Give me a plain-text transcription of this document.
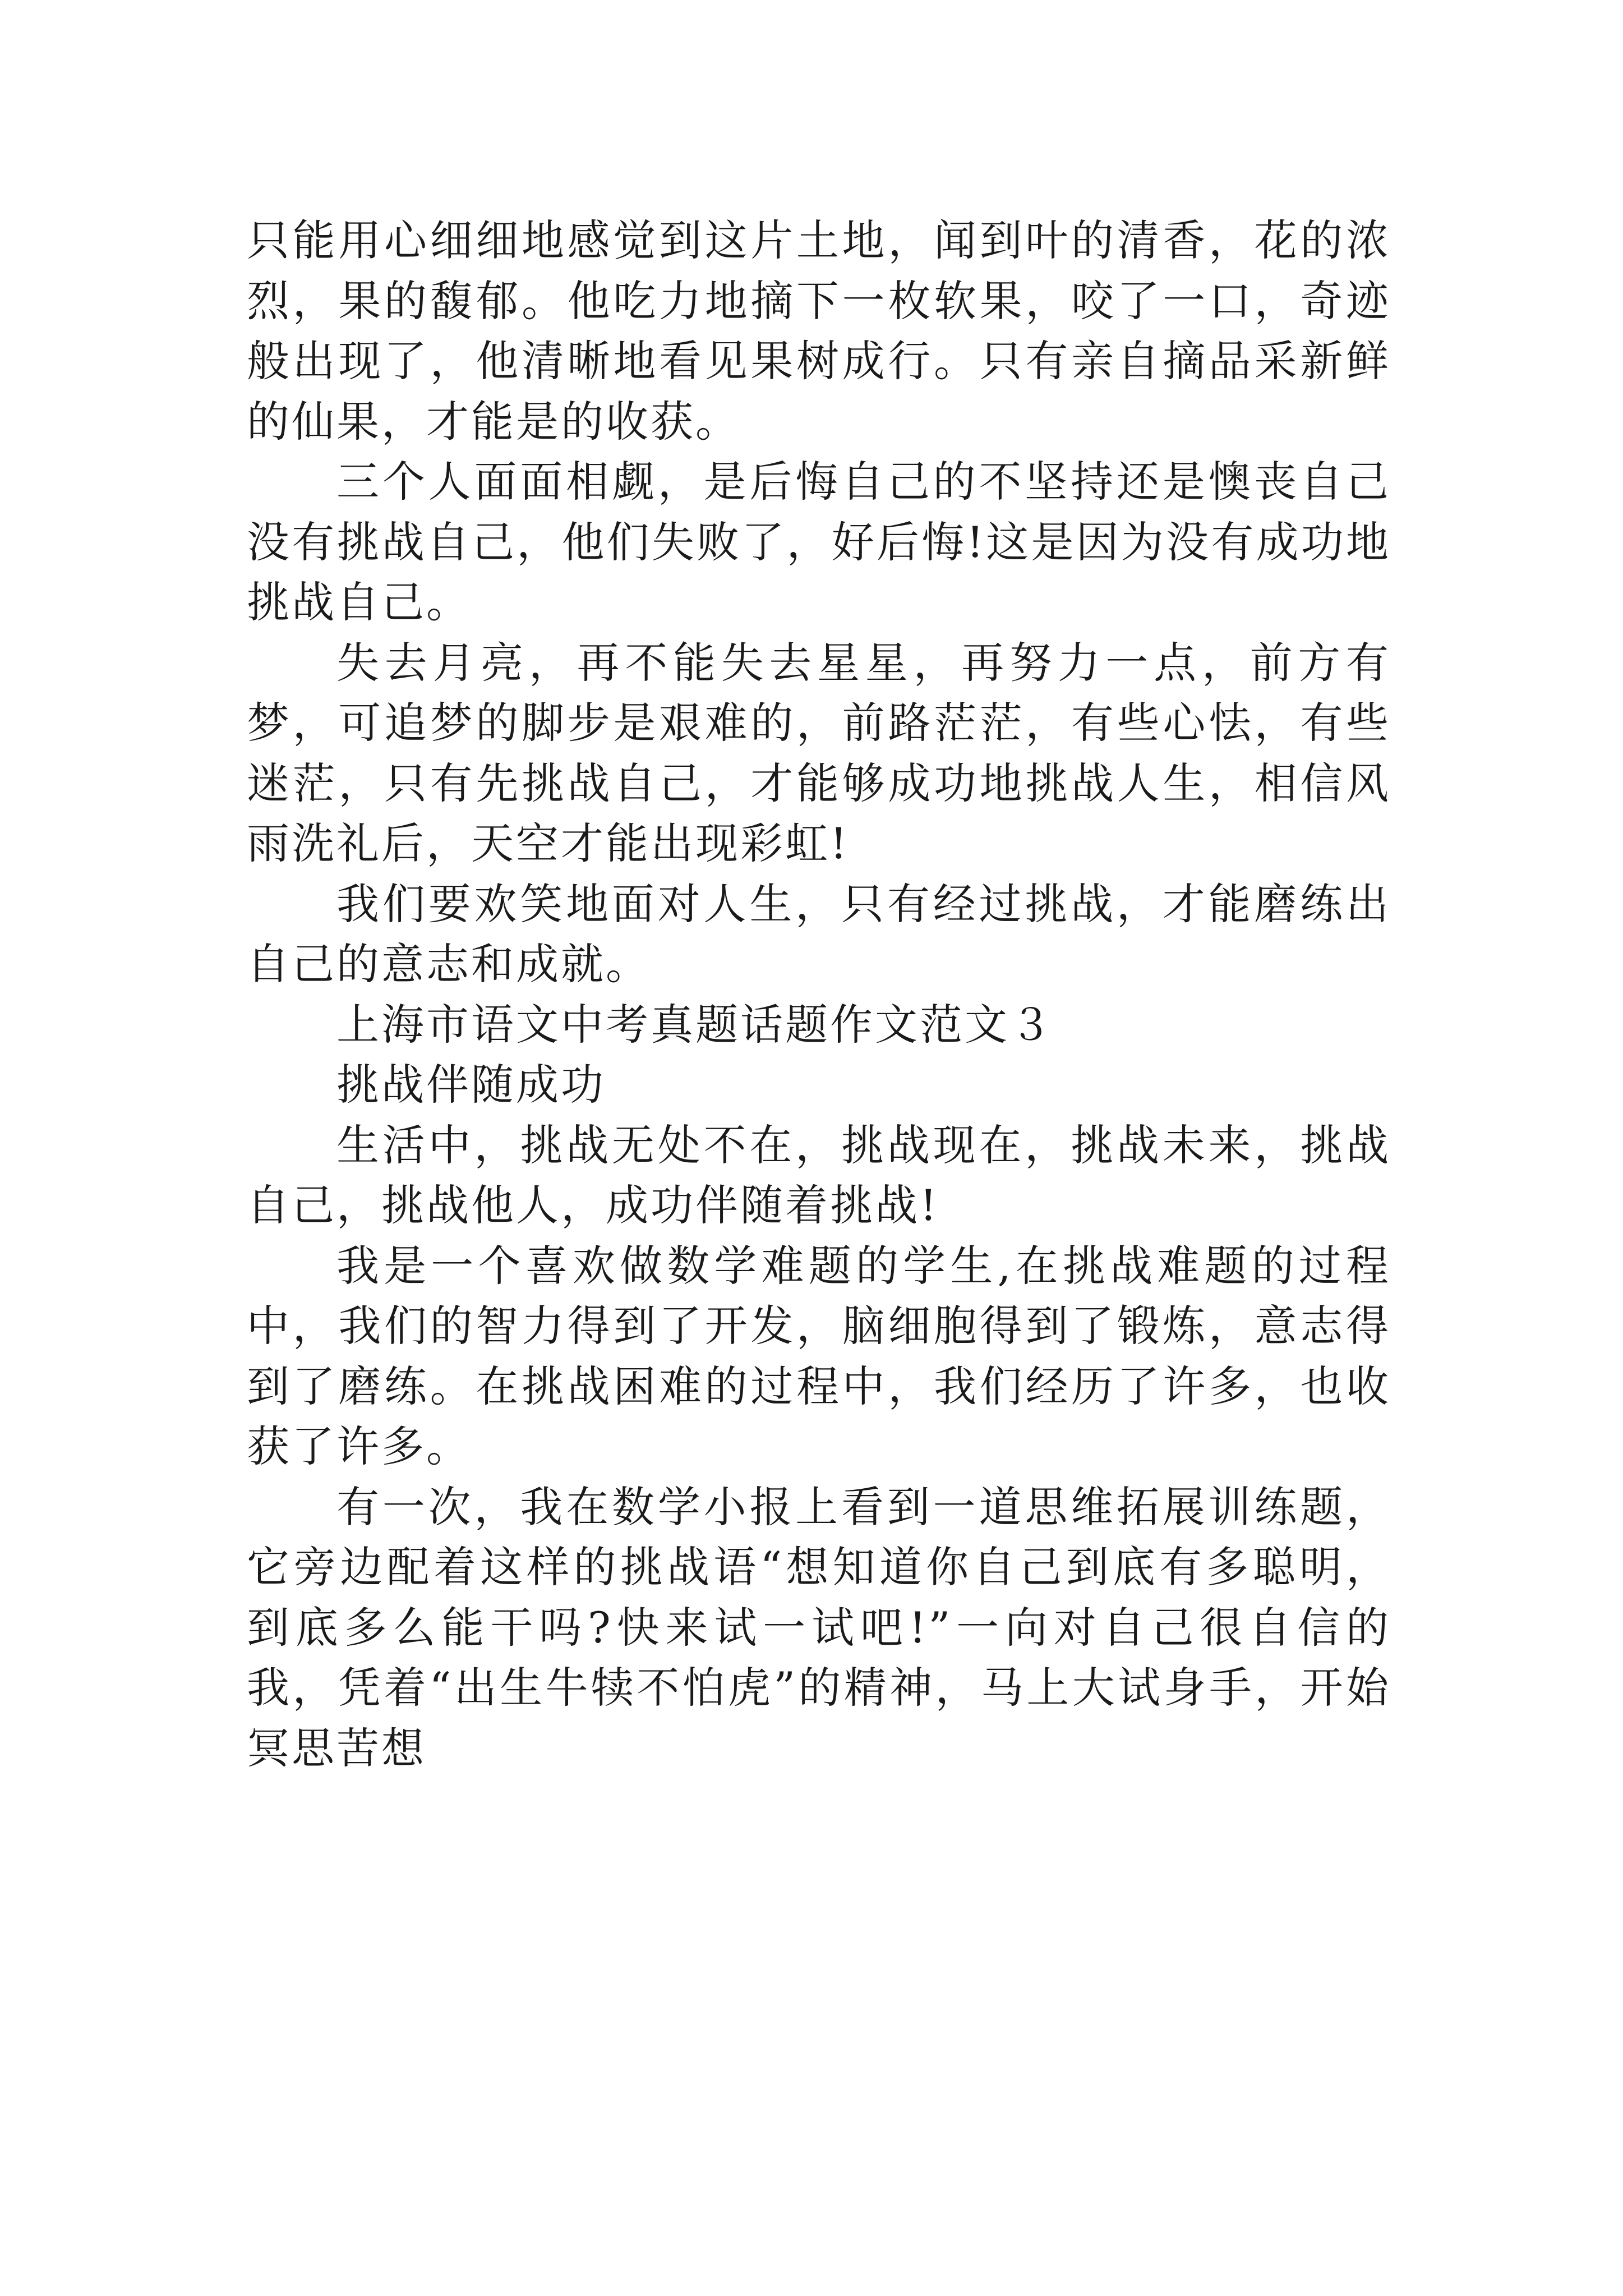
只能用心细细地感觉到这片土地，闻到叶的清香，花的浓烈，果的馥郁。他吃力地摘下一枚软果，咬了一口，奇迹般出现了，他清晰地看见果树成行。只有亲自摘品采新鲜的仙果，才能是的收获。

三个人面面相觑，是后悔自己的不坚持还是懊丧自己没有挑战自己，他们失败了，好后悔!这是因为没有成功地挑战自己。

失去月亮，再不能失去星星，再努力一点，前方有梦，可追梦的脚步是艰难的，前路茫茫，有些心怯，有些迷茫，只有先挑战自己，才能够成功地挑战人生，相信风雨洗礼后，天空才能出现彩虹!

我们要欢笑地面对人生，只有经过挑战，才能磨练出自己的意志和成就。

上海市语文中考真题话题作文范文３

挑战伴随成功

生活中，挑战无处不在，挑战现在，挑战未来，挑战自己，挑战他人，成功伴随着挑战!

我是一个喜欢做数学难题的学生,在挑战难题的过程中，我们的智力得到了开发，脑细胞得到了锻炼，意志得到了磨练。在挑战困难的过程中，我们经历了许多，也收获了许多。

有一次，我在数学小报上看到一道思维拓展训练题，它旁边配着这样的挑战语“想知道你自己到底有多聪明，到底多么能干吗?快来试一试吧!”一向对自己很自信的我，凭着“出生牛犊不怕虎”的精神，马上大试身手，开始冥思苦想
